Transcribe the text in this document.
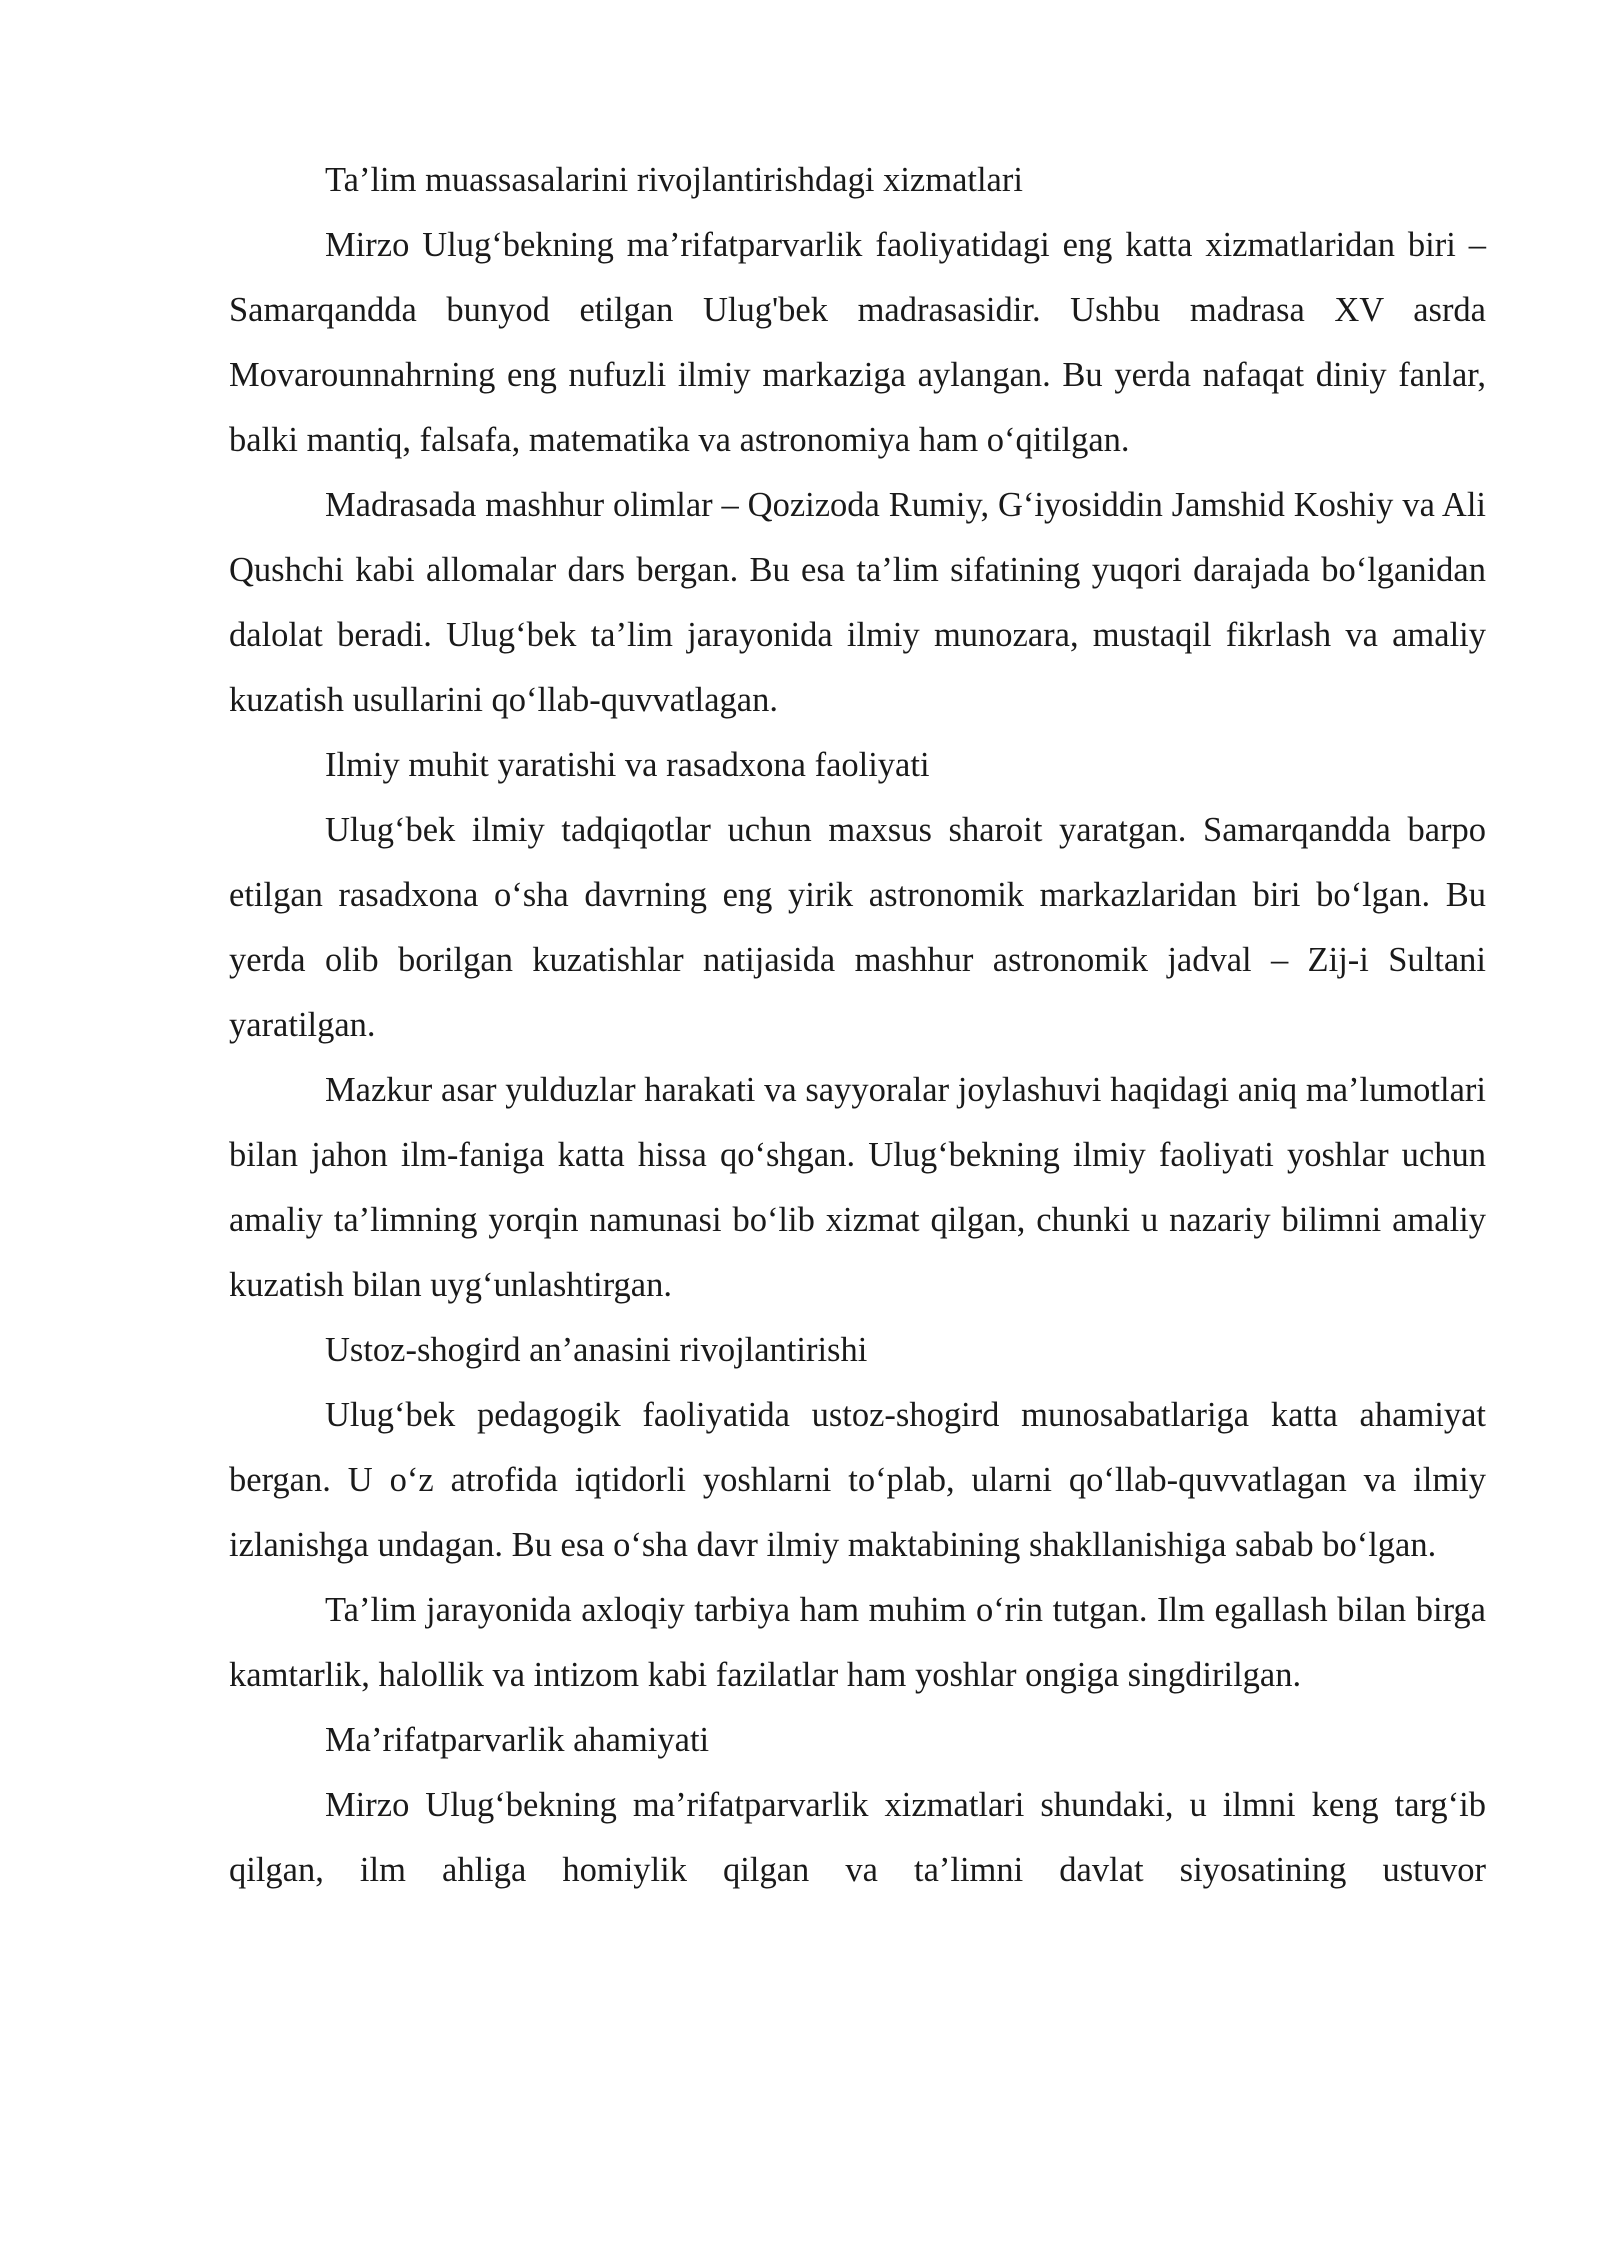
Ta’lim muassasalarini rivojlantirishdagi xizmatlari

Mirzo Ulug‘bekning ma’rifatparvarlik faoliyatidagi eng katta xizmatlaridan biri – Samarqandda bunyod etilgan Ulug'bek madrasasidir. Ushbu madrasa XV asrda Movarounnahrning eng nufuzli ilmiy markaziga aylangan. Bu yerda nafaqat diniy fanlar, balki mantiq, falsafa, matematika va astronomiya ham o‘qitilgan.

Madrasada mashhur olimlar – Qozizoda Rumiy, G‘iyosiddin Jamshid Koshiy va Ali Qushchi kabi allomalar dars bergan. Bu esa ta’lim sifatining yuqori darajada bo‘lganidan dalolat beradi. Ulug‘bek ta’lim jarayonida ilmiy munozara, mustaqil fikrlash va amaliy kuzatish usullarini qo‘llab-quvvatlagan.

Ilmiy muhit yaratishi va rasadxona faoliyati

Ulug‘bek ilmiy tadqiqotlar uchun maxsus sharoit yaratgan. Samarqandda barpo etilgan rasadxona o‘sha davrning eng yirik astronomik markazlaridan biri bo‘lgan. Bu yerda olib borilgan kuzatishlar natijasida mashhur astronomik jadval – Zij-i Sultani yaratilgan.

Mazkur asar yulduzlar harakati va sayyoralar joylashuvi haqidagi aniq ma’lumotlari bilan jahon ilm-faniga katta hissa qo‘shgan. Ulug‘bekning ilmiy faoliyati yoshlar uchun amaliy ta’limning yorqin namunasi bo‘lib xizmat qilgan, chunki u nazariy bilimni amaliy kuzatish bilan uyg‘unlashtirgan.

Ustoz-shogird an’anasini rivojlantirishi

Ulug‘bek pedagogik faoliyatida ustoz-shogird munosabatlariga katta ahamiyat bergan. U o‘z atrofida iqtidorli yoshlarni to‘plab, ularni qo‘llab-quvvatlagan va ilmiy izlanishga undagan. Bu esa o‘sha davr ilmiy maktabining shakllanishiga sabab bo‘lgan.

Ta’lim jarayonida axloqiy tarbiya ham muhim o‘rin tutgan. Ilm egallash bilan birga kamtarlik, halollik va intizom kabi fazilatlar ham yoshlar ongiga singdirilgan.

Ma’rifatparvarlik ahamiyati

Mirzo Ulug‘bekning ma’rifatparvarlik xizmatlari shundaki, u ilmni keng targ‘ib qilgan, ilm ahliga homiylik qilgan va ta’limni davlat siyosatining ustuvor
